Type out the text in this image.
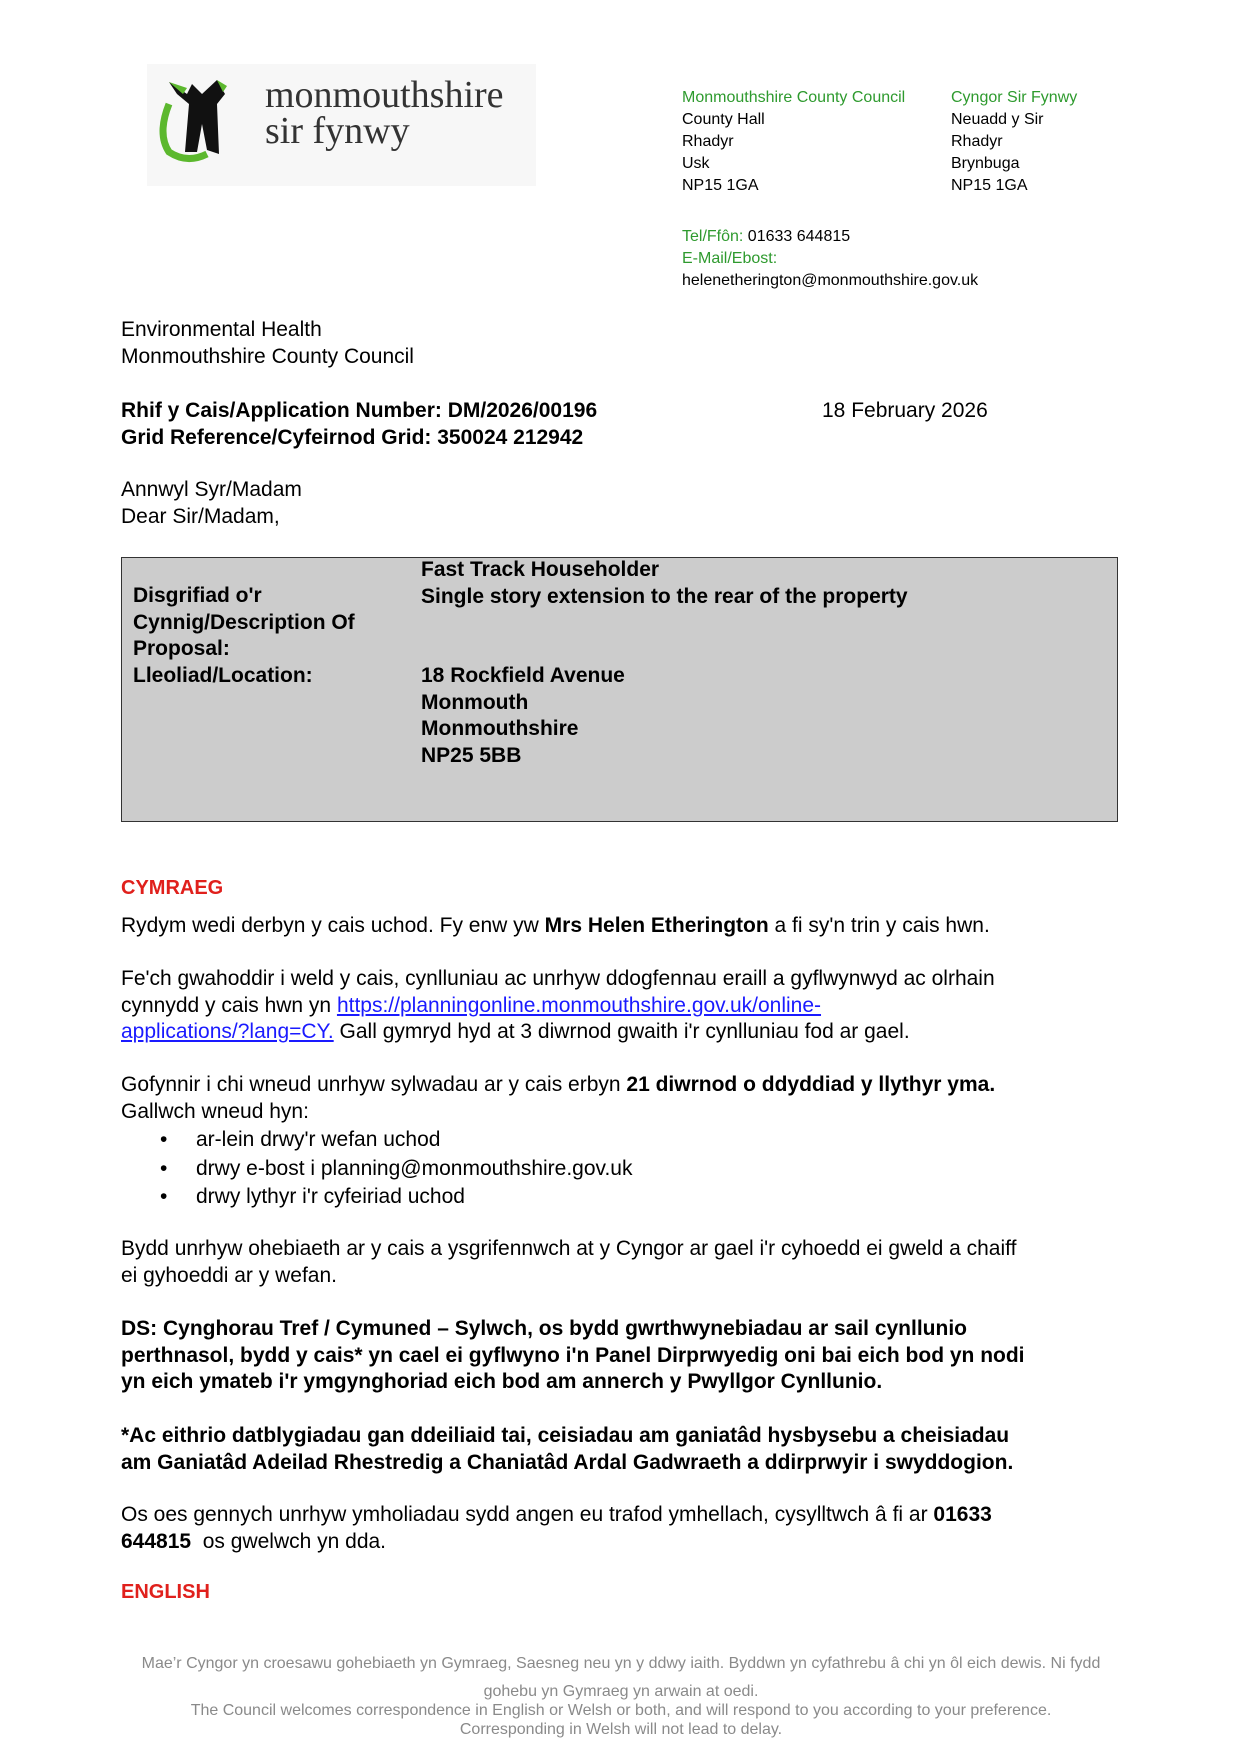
monmouthshire
sir fynwy
Monmouthshire County Council
County Hall
Rhadyr
Usk
NP15 1GA
Cyngor Sir Fynwy
Neuadd y Sir
Rhadyr
Brynbuga
NP15 1GA
Tel/Ffôn: 01633 644815
E-Mail/Ebost:
helenetherington@monmouthshire.gov.uk
Environmental Health
Monmouthshire County Council
Rhif y Cais/Application Number: DM/2026/00196
Grid Reference/Cyfeirnod Grid: 350024 212942
18 February 2026
Annwyl Syr/Madam
Dear Sir/Madam,
Disgrifiad o'r
Cynnig/Description Of
Proposal:
Lleoliad/Location:
Fast Track Householder
Single story extension to the rear of the property
18 Rockfield Avenue
Monmouth
Monmouthshire
NP25 5BB
CYMRAEG
Rydym wedi derbyn y cais uchod. Fy enw yw Mrs Helen Etherington a fi sy'n trin y cais hwn.
Fe'ch gwahoddir i weld y cais, cynlluniau ac unrhyw ddogfennau eraill a gyflwynwyd ac olrhain
cynnydd y cais hwn yn https://planningonline.monmouthshire.gov.uk/online-
applications/?lang=CY. Gall gymryd hyd at 3 diwrnod gwaith i'r cynlluniau fod ar gael.
Gofynnir i chi wneud unrhyw sylwadau ar y cais erbyn 21 diwrnod o ddyddiad y llythyr yma.
Gallwch wneud hyn:
• ar-lein drwy'r wefan uchod
• drwy e-bost i planning@monmouthshire.gov.uk
• drwy lythyr i'r cyfeiriad uchod
Bydd unrhyw ohebiaeth ar y cais a ysgrifennwch at y Cyngor ar gael i'r cyhoedd ei gweld a chaiff
ei gyhoeddi ar y wefan.
DS: Cynghorau Tref / Cymuned – Sylwch, os bydd gwrthwynebiadau ar sail cynllunio
perthnasol, bydd y cais* yn cael ei gyflwyno i'n Panel Dirprwyedig oni bai eich bod yn nodi
yn eich ymateb i'r ymgynghoriad eich bod am annerch y Pwyllgor Cynllunio.
*Ac eithrio datblygiadau gan ddeiliaid tai, ceisiadau am ganiatâd hysbysebu a cheisiadau
am Ganiatâd Adeilad Rhestredig a Chaniatâd Ardal Gadwraeth a ddirprwyir i swyddogion.
Os oes gennych unrhyw ymholiadau sydd angen eu trafod ymhellach, cysylltwch â fi ar 01633
644815  os gwelwch yn dda.
ENGLISH
Mae’r Cyngor yn croesawu gohebiaeth yn Gymraeg, Saesneg neu yn y ddwy iaith. Byddwn yn cyfathrebu â chi yn ôl eich dewis. Ni fydd gohebu yn Gymraeg yn arwain at oedi.
The Council welcomes correspondence in English or Welsh or both, and will respond to you according to your preference.
Corresponding in Welsh will not lead to delay.
